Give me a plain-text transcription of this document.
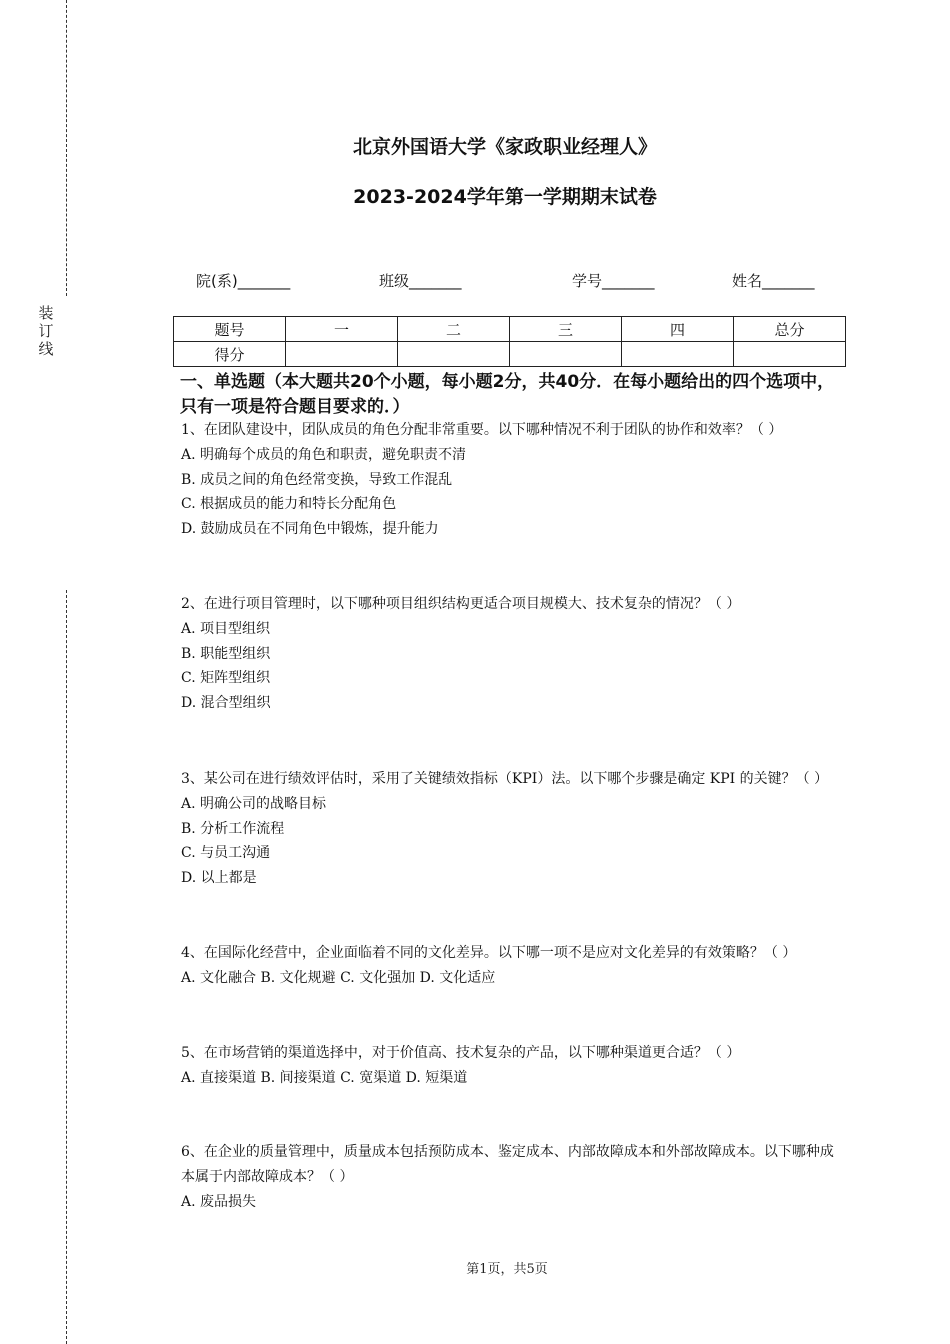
装
订
线
北京外国语大学《家政职业经理人》
2023-2024学年第一学期期末试卷
院(系)_______	班级_______	学号_______	姓名_______
题号	一	二	三	四	总分
得分					
一、单选题（本大题共20个小题，每小题2分，共40分．在每小题给出的四个选项中，只有一项是符合题目要求的．）

1、在团队建设中，团队成员的角色分配非常重要。以下哪种情况不利于团队的协作和效率？（ ）

A. 明确每个成员的角色和职责，避免职责不清

B. 成员之间的角色经常变换，导致工作混乱

C. 根据成员的能力和特长分配角色

D. 鼓励成员在不同角色中锻炼，提升能力

2、在进行项目管理时，以下哪种项目组织结构更适合项目规模大、技术复杂的情况？（ ）

A. 项目型组织

B. 职能型组织

C. 矩阵型组织

D. 混合型组织

3、某公司在进行绩效评估时，采用了关键绩效指标（KPI）法。以下哪个步骤是确定 KPI 的关键？（ ）

A. 明确公司的战略目标

B. 分析工作流程

C. 与员工沟通

D. 以上都是

4、在国际化经营中，企业面临着不同的文化差异。以下哪一项不是应对文化差异的有效策略？（ ）

A. 文化融合 B. 文化规避 C. 文化强加 D. 文化适应

5、在市场营销的渠道选择中，对于价值高、技术复杂的产品，以下哪种渠道更合适？（ ）

A. 直接渠道 B. 间接渠道 C. 宽渠道 D. 短渠道

6、在企业的质量管理中，质量成本包括预防成本、鉴定成本、内部故障成本和外部故障成本。以下哪种成本属于内部故障成本？（ ）

A. 废品损失

第1页，共5页
